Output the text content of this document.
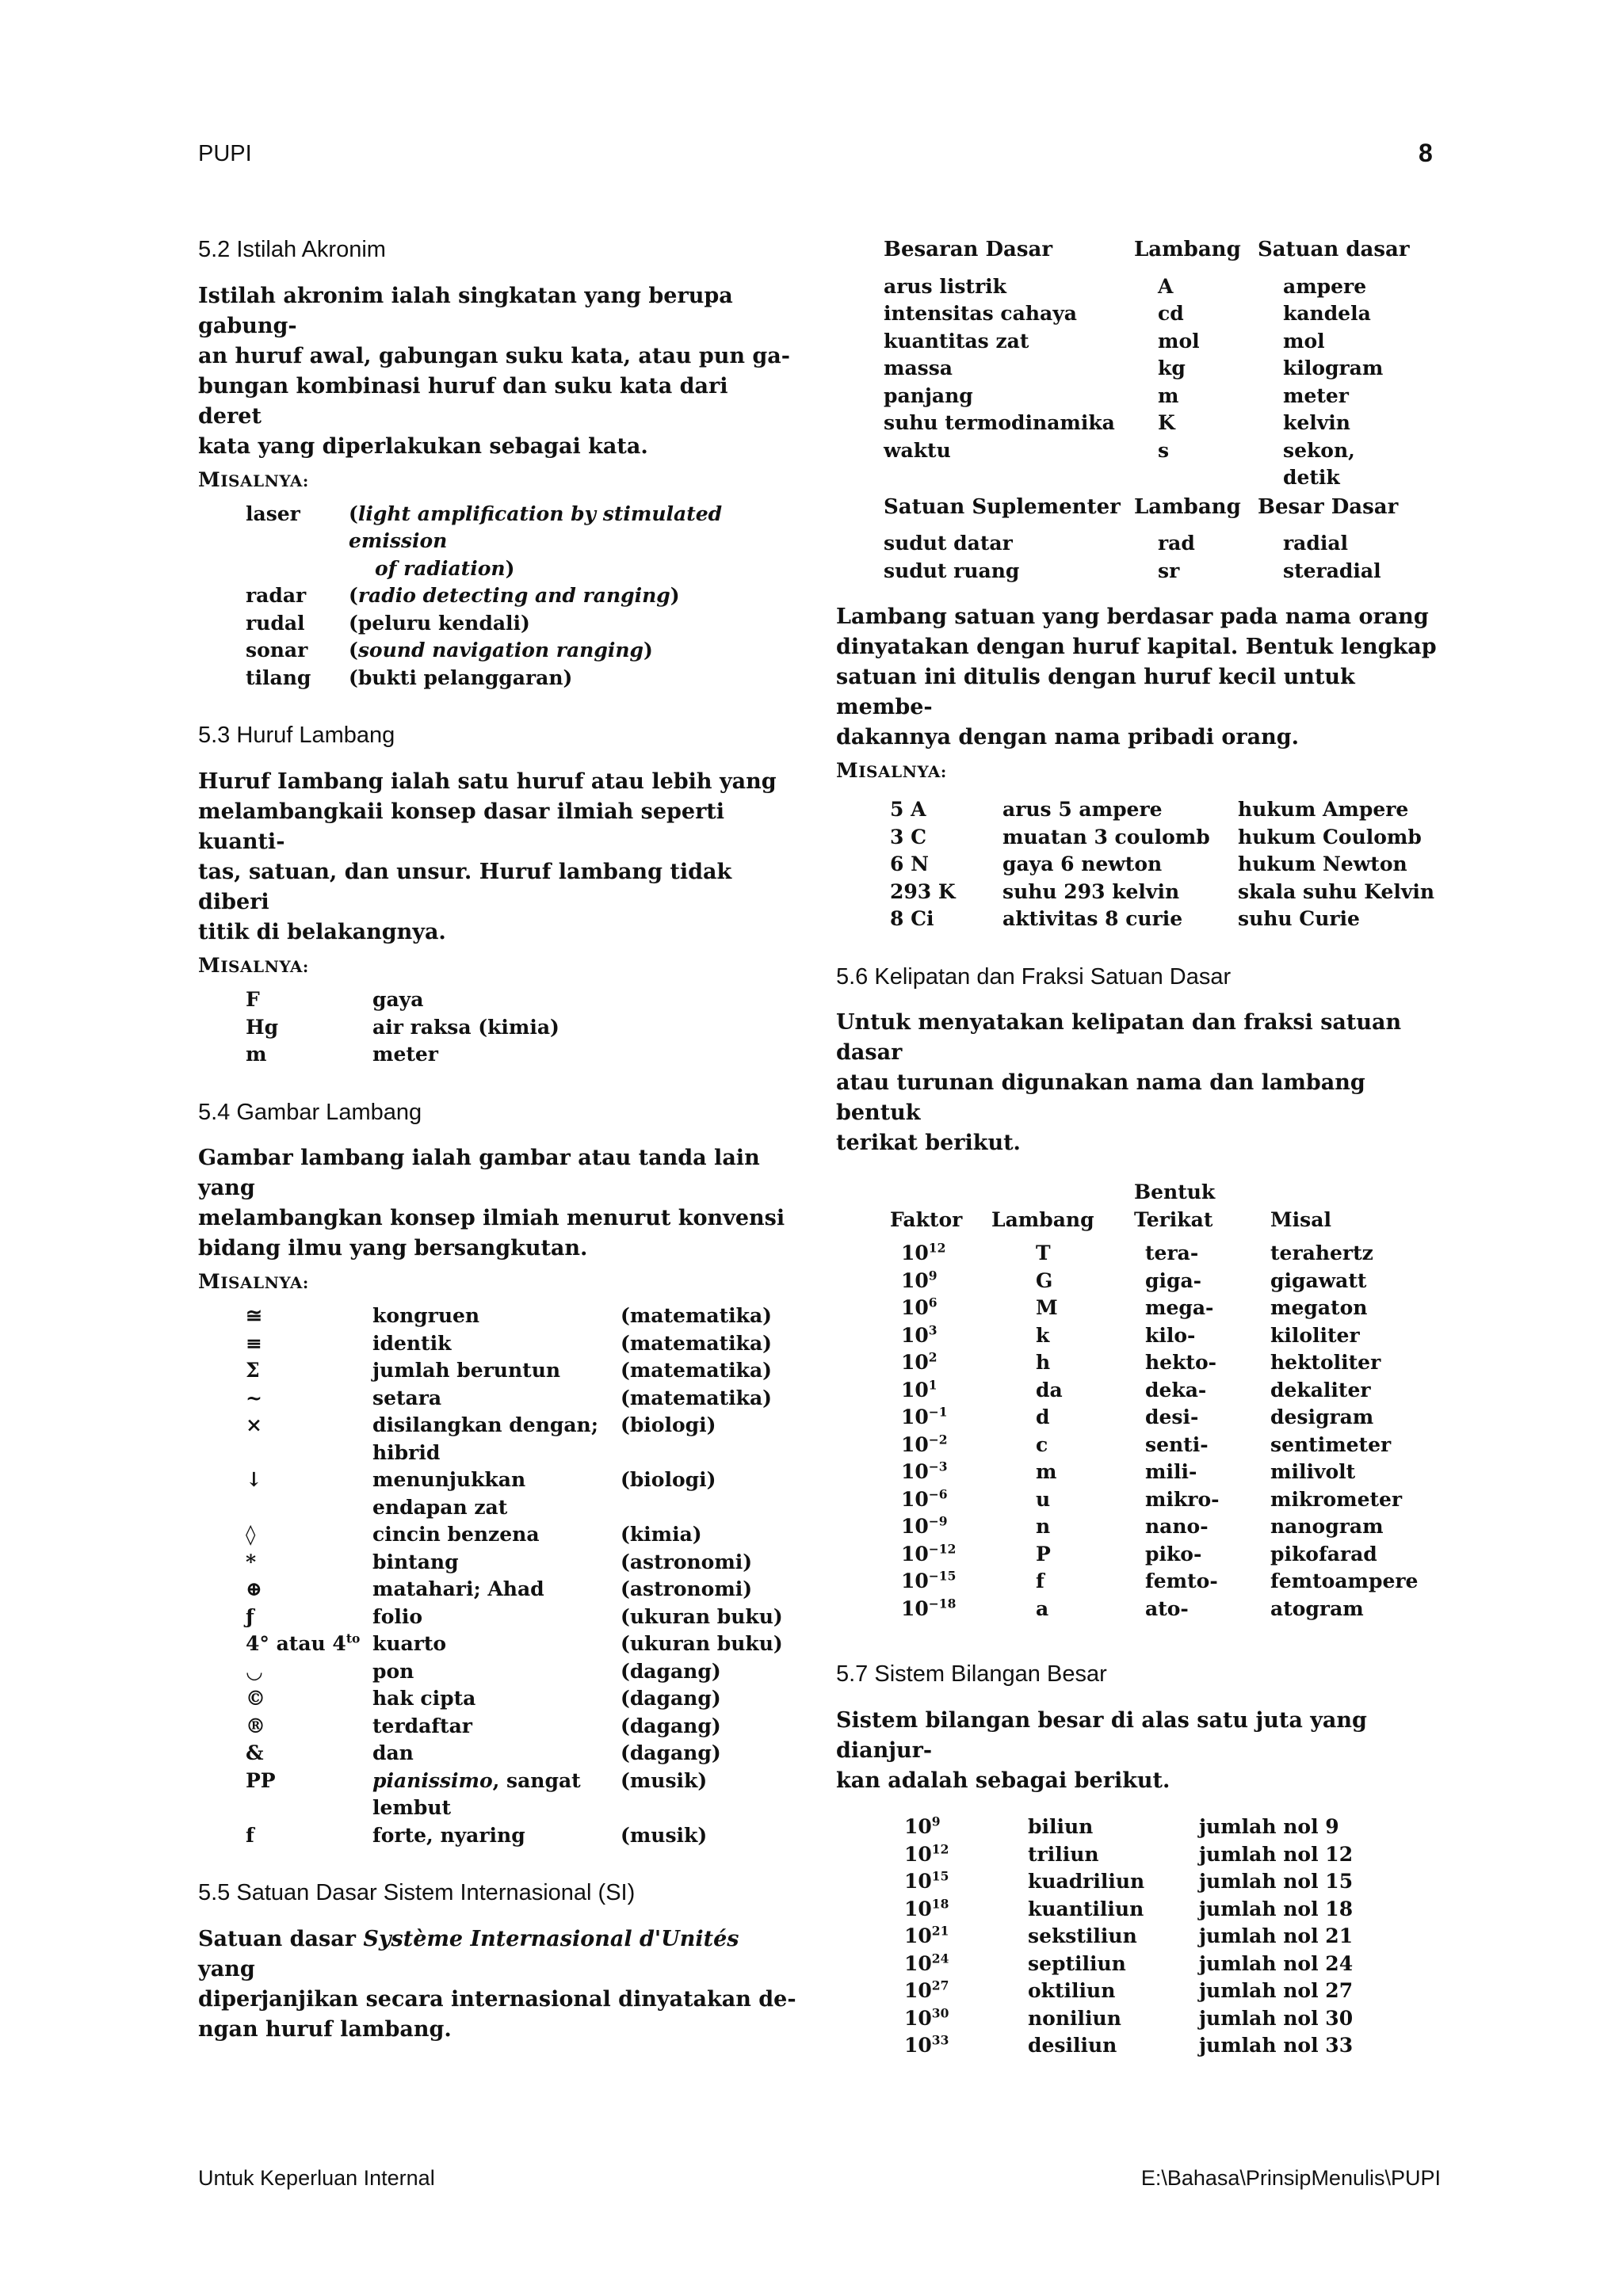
PUPI	8
5.2 Istilah Akronim

Istilah akronim ialah singkatan yang berupa gabung-

an huruf awal, gabungan suku kata, atau pun ga-

bungan kombinasi huruf dan suku kata dari deret

kata yang diperlakukan sebagai kata.

MISALNYA:
laser	(light amplification by stimulated emission
	of radiation)
radar	(radio detecting and ranging)
rudal	(peluru kendali)
sonar	(sound navigation ranging)
tilang	(bukti pelanggaran)
5.3 Huruf Lambang

Huruf Iambang ialah satu huruf atau lebih yang

melambangkaii konsep dasar ilmiah seperti kuanti-

tas, satuan, dan unsur. Huruf lambang tidak diberi

titik di belakangnya.

MISALNYA:
F	gaya
Hg	air raksa (kimia)
m	meter
5.4 Gambar Lambang

Gambar lambang ialah gambar atau tanda lain yang

melambangkan konsep ilmiah menurut konvensi

bidang ilmu yang bersangkutan.

MISALNYA:
≅	kongruen	(matematika)
≡	identik	(matematika)
Σ	jumlah beruntun	(matematika)
~	setara	(matematika)
×	disilangkan dengan; hibrid	(biologi)
↓	menunjukkan endapan zat	(biologi)
◊	cincin benzena	(kimia)
*	bintang	(astronomi)
⊕	matahari; Ahad	(astronomi)
ƒ	folio	(ukuran buku)
4° atau $4^{to}$	kuarto	(ukuran buku)
◡	pon	(dagang)
©	hak cipta	(dagang)
®	terdaftar	(dagang)
&	dan	(dagang)
PP	pianissimo, sangat lembut	(musik)
f	forte, nyaring	(musik)
5.5 Satuan Dasar Sistem Internasional (SI)

Satuan dasar Système Internasional d'Unités yang

diperjanjikan secara internasional dinyatakan de-

ngan huruf lambang.

Besaran Dasar	Lambang	Satuan dasar
arus listrik	A	ampere
intensitas cahaya	cd	kandela
kuantitas zat	mol	mol
massa	kg	kilogram
panjang	m	meter
suhu termodinamika	K	kelvin
waktu	s	sekon, detik
Satuan Suplementer	Lambang	Besar Dasar
sudut datar	rad	radial
sudut ruang	sr	steradial

Lambang satuan yang berdasar pada nama orang

dinyatakan dengan huruf kapital. Bentuk lengkap

satuan ini ditulis dengan huruf kecil untuk membe-

dakannya dengan nama pribadi orang.

MISALNYA:
5 A	arus 5 ampere	hukum Ampere
3 C	muatan 3 coulomb	hukum Coulomb
6 N	gaya 6 newton	hukum Newton
293 K	suhu 293 kelvin	skala suhu Kelvin
8 Ci	aktivitas 8 curie	suhu Curie
5.6 Kelipatan dan Fraksi Satuan Dasar

Untuk menyatakan kelipatan dan fraksi satuan dasar

atau turunan digunakan nama dan lambang bentuk

terikat berikut.

		Bentuk	
Faktor	Lambang	Terikat	Misal
$10^{12}$	T	tera-	terahertz
$10^9$	G	giga-	gigawatt
$10^6$	M	mega-	megaton
$10^3$	k	kilo-	kiloliter
$10^2$	h	hekto-	hektoliter
$10^1$	da	deka-	dekaliter
$10^{-1}$	d	desi-	desigram
$10^{-2}$	c	senti-	sentimeter
$10^{-3}$	m	mili-	milivolt
$10^{-6}$	u	mikro-	mikrometer
$10^{-9}$	n	nano-	nanogram
$10^{-12}$	P	piko-	pikofarad
$10^{-15}$	f	femto-	femtoampere
$10^{-18}$	a	ato-	atogram
5.7 Sistem Bilangan Besar

Sistem bilangan besar di alas satu juta yang dianjur-

kan adalah sebagai berikut.

$10^9$	biliun	jumlah nol 9
$10^{12}$	triliun	jumlah nol 12
$10^{15}$	kuadriliun	jumlah nol 15
$10^{18}$	kuantiliun	jumlah nol 18
$10^{21}$	sekstiliun	jumlah nol 21
$10^{24}$	septiliun	jumlah nol 24
$10^{27}$	oktiliun	jumlah nol 27
$10^{30}$	noniliun	jumlah nol 30
$10^{33}$	desiliun	jumlah nol 33
Untuk Keperluan Internal	E:\Bahasa\PrinsipMenulis\PUPI
